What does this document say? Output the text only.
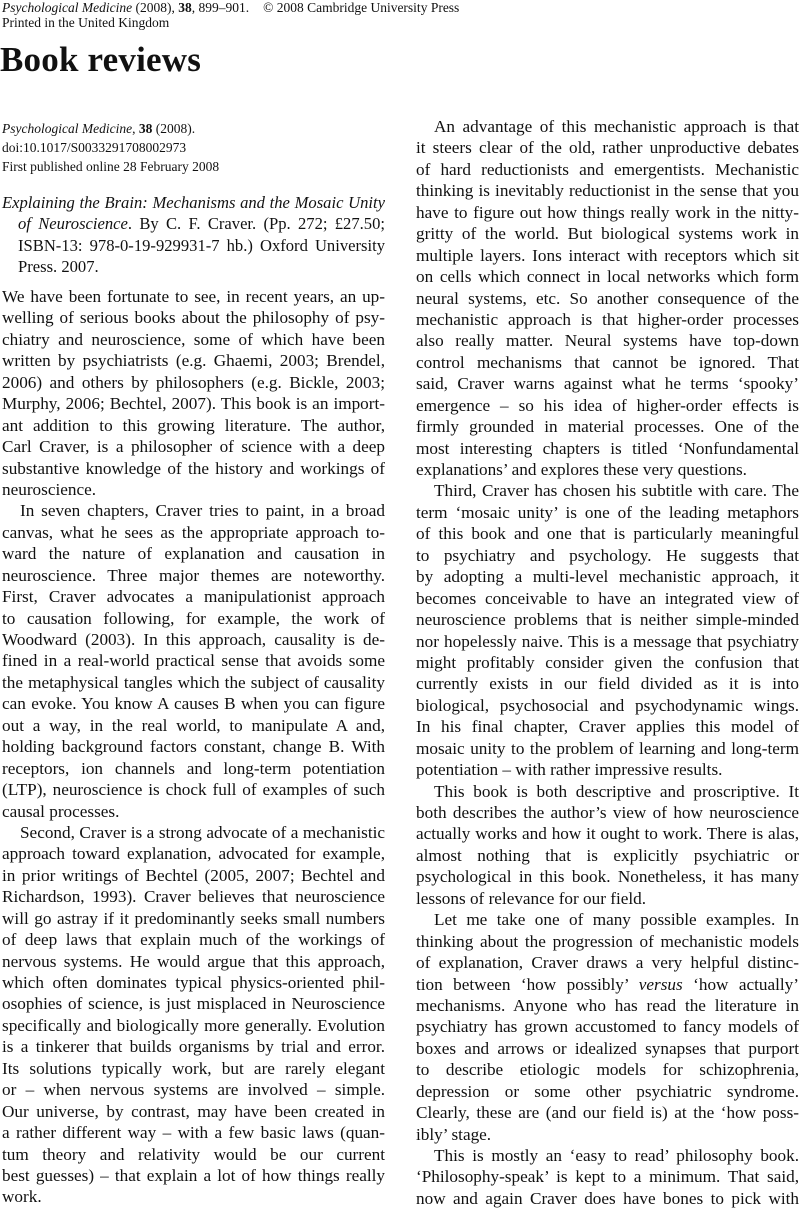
Psychological Medicine (2008), 38, 899–901. © 2008 Cambridge University Press
Printed in the United Kingdom
Book reviews
Psychological Medicine, 38 (2008).
doi:10.1017/S0033291708002973
First published online 28 February 2008
Explaining the Brain: Mechanisms and the Mosaic Unity
of Neuroscience. By C. F. Craver. (Pp. 272; £27.50;
ISBN-13: 978-0-19-929931-7 hb.) Oxford University
Press. 2007.
We have been fortunate to see, in recent years, an up-
welling of serious books about the philosophy of psy-
chiatry and neuroscience, some of which have been
written by psychiatrists (e.g. Ghaemi, 2003; Brendel,
2006) and others by philosophers (e.g. Bickle, 2003;
Murphy, 2006; Bechtel, 2007). This book is an import-
ant addition to this growing literature. The author,
Carl Craver, is a philosopher of science with a deep
substantive knowledge of the history and workings of
neuroscience.
In seven chapters, Craver tries to paint, in a broad
canvas, what he sees as the appropriate approach to-
ward the nature of explanation and causation in
neuroscience. Three major themes are noteworthy.
First, Craver advocates a manipulationist approach
to causation following, for example, the work of
Woodward (2003). In this approach, causality is de-
fined in a real-world practical sense that avoids some
the metaphysical tangles which the subject of causality
can evoke. You know A causes B when you can figure
out a way, in the real world, to manipulate A and,
holding background factors constant, change B. With
receptors, ion channels and long-term potentiation
(LTP), neuroscience is chock full of examples of such
causal processes.
Second, Craver is a strong advocate of a mechanistic
approach toward explanation, advocated for example,
in prior writings of Bechtel (2005, 2007; Bechtel and
Richardson, 1993). Craver believes that neuroscience
will go astray if it predominantly seeks small numbers
of deep laws that explain much of the workings of
nervous systems. He would argue that this approach,
which often dominates typical physics-oriented phil-
osophies of science, is just misplaced in Neuroscience
specifically and biologically more generally. Evolution
is a tinkerer that builds organisms by trial and error.
Its solutions typically work, but are rarely elegant
or – when nervous systems are involved – simple.
Our universe, by contrast, may have been created in
a rather different way – with a few basic laws (quan-
tum theory and relativity would be our current
best guesses) – that explain a lot of how things really
work.
An advantage of this mechanistic approach is that
it steers clear of the old, rather unproductive debates
of hard reductionists and emergentists. Mechanistic
thinking is inevitably reductionist in the sense that you
have to figure out how things really work in the nitty-
gritty of the world. But biological systems work in
multiple layers. Ions interact with receptors which sit
on cells which connect in local networks which form
neural systems, etc. So another consequence of the
mechanistic approach is that higher-order processes
also really matter. Neural systems have top-down
control mechanisms that cannot be ignored. That
said, Craver warns against what he terms ‘spooky’
emergence – so his idea of higher-order effects is
firmly grounded in material processes. One of the
most interesting chapters is titled ‘Nonfundamental
explanations’ and explores these very questions.
Third, Craver has chosen his subtitle with care. The
term ‘mosaic unity’ is one of the leading metaphors
of this book and one that is particularly meaningful
to psychiatry and psychology. He suggests that
by adopting a multi-level mechanistic approach, it
becomes conceivable to have an integrated view of
neuroscience problems that is neither simple-minded
nor hopelessly naive. This is a message that psychiatry
might profitably consider given the confusion that
currently exists in our field divided as it is into
biological, psychosocial and psychodynamic wings.
In his final chapter, Craver applies this model of
mosaic unity to the problem of learning and long-term
potentiation – with rather impressive results.
This book is both descriptive and proscriptive. It
both describes the author’s view of how neuroscience
actually works and how it ought to work. There is alas,
almost nothing that is explicitly psychiatric or
psychological in this book. Nonetheless, it has many
lessons of relevance for our field.
Let me take one of many possible examples. In
thinking about the progression of mechanistic models
of explanation, Craver draws a very helpful distinc-
tion between ‘how possibly’ versus ‘how actually’
mechanisms. Anyone who has read the literature in
psychiatry has grown accustomed to fancy models of
boxes and arrows or idealized synapses that purport
to describe etiologic models for schizophrenia,
depression or some other psychiatric syndrome.
Clearly, these are (and our field is) at the ‘how poss-
ibly’ stage.
This is mostly an ‘easy to read’ philosophy book.
‘Philosophy-speak’ is kept to a minimum. That said,
now and again Craver does have bones to pick with
